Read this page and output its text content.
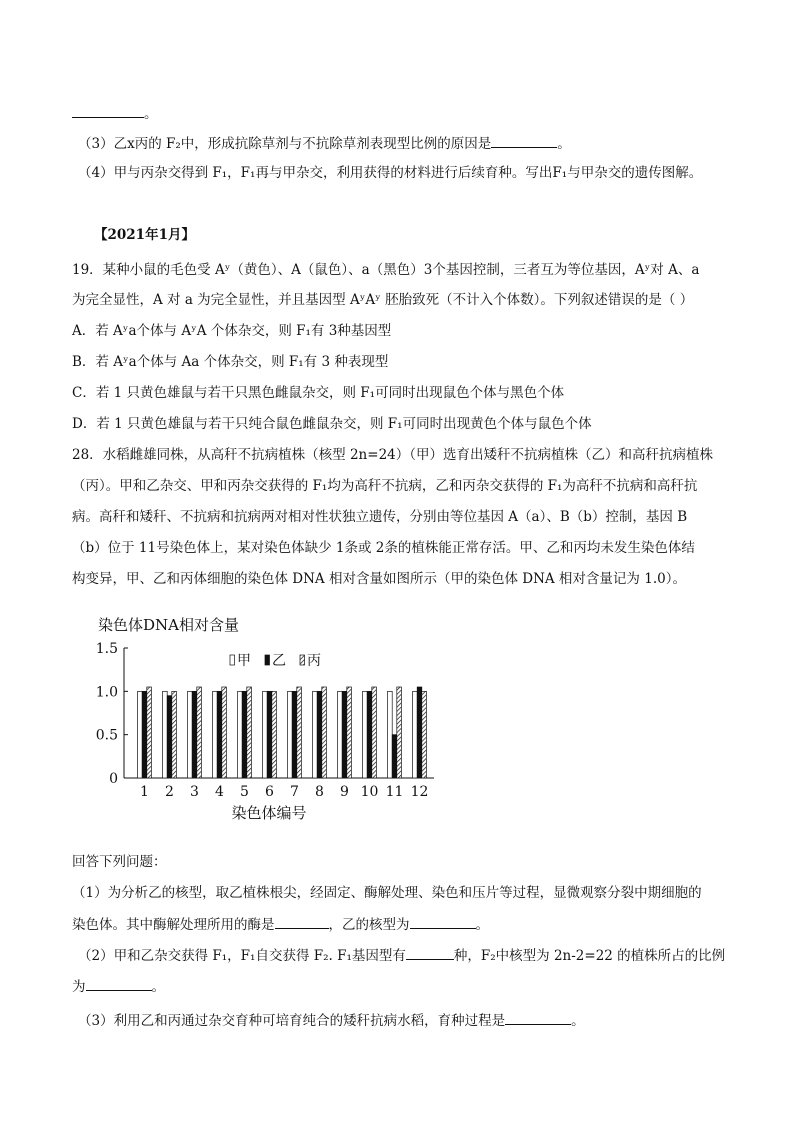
。
（3）乙x丙的 F₂中，形成抗除草剂与不抗除草剂表现型比例的原因是	。
（4）甲与丙杂交得到 F₁，F₁再与甲杂交，利用获得的材料进行后续育种。写出F₁与甲杂交的遗传图解。
【2021年1月】
19．某种小鼠的毛色受 Aʸ（黄色）、A（鼠色）、a（黑色）3个基因控制，三者互为等位基因，Aʸ对 A、a
为完全显性，A 对 a 为完全显性，并且基因型 AʸAʸ 胚胎致死（不计入个体数）。下列叙述错误的是（ ）
A．若 Aʸa个体与 AʸA 个体杂交，则 F₁有 3种基因型
B．若 Aʸa个体与 Aa 个体杂交，则 F₁有 3 种表现型
C．若 1 只黄色雄鼠与若干只黑色雌鼠杂交，则 F₁可同时出现鼠色个体与黑色个体
D．若 1 只黄色雄鼠与若干只纯合鼠色雌鼠杂交，则 F₁可同时出现黄色个体与鼠色个体
28．水稻雌雄同株，从高秆不抗病植株（核型 2n=24）（甲）选育出矮秆不抗病植株（乙）和高秆抗病植株
（丙）。甲和乙杂交、甲和丙杂交获得的 F₁均为高秆不抗病，乙和丙杂交获得的 F₁为高秆不抗病和高秆抗
病。高秆和矮秆、不抗病和抗病两对相对性状独立遗传，分别由等位基因 A（a）、B（b）控制，基因 B
（b）位于 11号染色体上，某对染色体缺少 1条或 2条的植株能正常存活。甲、乙和丙均未发生染色体结
构变异，甲、乙和丙体细胞的染色体 DNA 相对含量如图所示（甲的染色体 DNA 相对含量记为 1.0）。
染色体DNA相对含量
0
0.5
1.0
1.5
1 2 3 4 5 6 7 8 9 10 11 12
染色体编号
甲 乙 丙
回答下列问题：
（1）为分析乙的核型，取乙植株根尖，经固定、酶解处理、染色和压片等过程，显微观察分裂中期细胞的
染色体。其中酶解处理所用的酶是	，乙的核型为	。
（2）甲和乙杂交获得 F₁，F₁自交获得 F₂. F₁基因型有	种，F₂中核型为 2n-2=22 的植株所占的比例
为	。
（3）利用乙和丙通过杂交育种可培育纯合的矮秆抗病水稻，育种过程是	。
